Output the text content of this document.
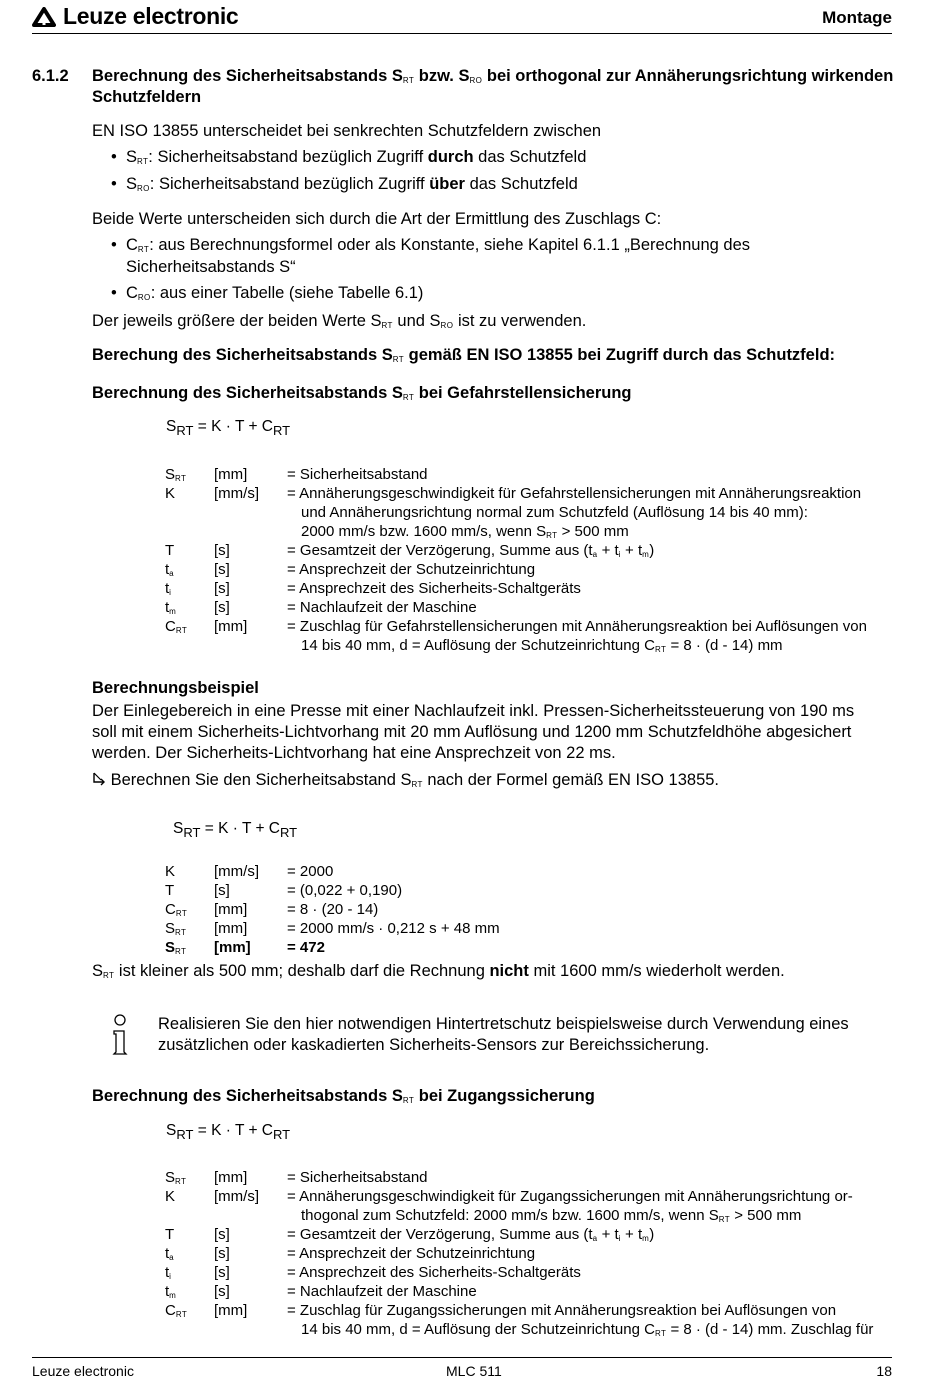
Leuze electronic	Montage
6.1.2 Berechnung des Sicherheitsabstands $S_{RT}$ bzw. $S_{RO}$ bei orthogonal zur Annäherungsrichtung wirkenden
Schutzfeldern
EN ISO 13855 unterscheidet bei senkrechten Schutzfeldern zwischen
•  $S_{RT}$: Sicherheitsabstand bezüglich Zugriff durch das Schutzfeld
•  $S_{RO}$: Sicherheitsabstand bezüglich Zugriff über das Schutzfeld
Beide Werte unterscheiden sich durch die Art der Ermittlung des Zuschlags C:
•  $C_{RT}$: aus Berechnungsformel oder als Konstante, siehe Kapitel 6.1.1 „Berechnung des
Sicherheitsabstands S“
•  $C_{RO}$: aus einer Tabelle (siehe Tabelle 6.1)
Der jeweils größere der beiden Werte $S_{RT}$ und $S_{RO}$ ist zu verwenden.
Berechung des Sicherheitsabstands $S_{RT}$ gemäß EN ISO 13855 bei Zugriff durch das Schutzfeld:
Berechnung des Sicherheitsabstands $S_{RT}$ bei Gefahrstellensicherung
$S_{RT} = K \cdot T + C_{RT}$
$S_{RT}$ [mm]	= Sicherheitsabstand
K	[mm/s] = Annäherungsgeschwindigkeit für Gefahrstellensicherungen mit Annäherungsreaktion
und Annäherungsrichtung normal zum Schutzfeld (Auflösung 14 bis 40 mm):
2000 mm/s bzw. 1600 mm/s, wenn $S_{RT} > 500$ mm
T	[s]	= Gesamtzeit der Verzögerung, Summe aus $(t_a + t_i + t_m)$
$t_a$	[s]	= Ansprechzeit der Schutzeinrichtung
$t_i$	[s]	= Ansprechzeit des Sicherheits-Schaltgeräts
$t_m$	[s]	= Nachlaufzeit der Maschine
$C_{RT}$ [mm]	= Zuschlag für Gefahrstellensicherungen mit Annäherungsreaktion bei Auflösungen von
14 bis 40 mm, d = Auflösung der Schutzeinrichtung $C_{RT} = 8 \cdot (d - 14)$ mm
Berechnungsbeispiel
Der Einlegebereich in eine Presse mit einer Nachlaufzeit inkl. Pressen-Sicherheitssteuerung von 190 ms
soll mit einem Sicherheits-Lichtvorhang mit 20 mm Auflösung und 1200 mm Schutzfeldhöhe abgesichert
werden. Der Sicherheits-Lichtvorhang hat eine Ansprechzeit von 22 ms.
Berechnen Sie den Sicherheitsabstand $S_{RT}$ nach der Formel gemäß EN ISO 13855.
$S_{RT} = K \cdot T + C_{RT}$
K	[mm/s] = 2000
T	[s]	= (0,022 + 0,190)
$C_{RT}$ [mm]	= 8 · (20 - 14)
$S_{RT}$ [mm]	= 2000 mm/s · 0,212 s + 48 mm
$S_{RT}$ [mm] = 472
$S_{RT}$ ist kleiner als 500 mm; deshalb darf die Rechnung nicht mit 1600 mm/s wiederholt werden.
Realisieren Sie den hier notwendigen Hintertretschutz beispielsweise durch Verwendung eines
zusätzlichen oder kaskadierten Sicherheits-Sensors zur Bereichssicherung.
Berechnung des Sicherheitsabstands $S_{RT}$ bei Zugangssicherung
$S_{RT} = K \cdot T + C_{RT}$
$S_{RT}$ [mm]	= Sicherheitsabstand
K	[mm/s] = Annäherungsgeschwindigkeit für Zugangssicherungen mit Annäherungsrichtung or-
thogonal zum Schutzfeld: 2000 mm/s bzw. 1600 mm/s, wenn $S_{RT} > 500$ mm
T	[s]	= Gesamtzeit der Verzögerung, Summe aus $(t_a + t_i + t_m)$
$t_a$	[s]	= Ansprechzeit der Schutzeinrichtung
$t_i$	[s]	= Ansprechzeit des Sicherheits-Schaltgeräts
$t_m$	[s]	= Nachlaufzeit der Maschine
$C_{RT}$ [mm]	= Zuschlag für Zugangssicherungen mit Annäherungsreaktion bei Auflösungen von
14 bis 40 mm, d = Auflösung der Schutzeinrichtung $C_{RT} = 8 \cdot (d - 14)$ mm. Zuschlag für
Leuze electronic	MLC 511	18
